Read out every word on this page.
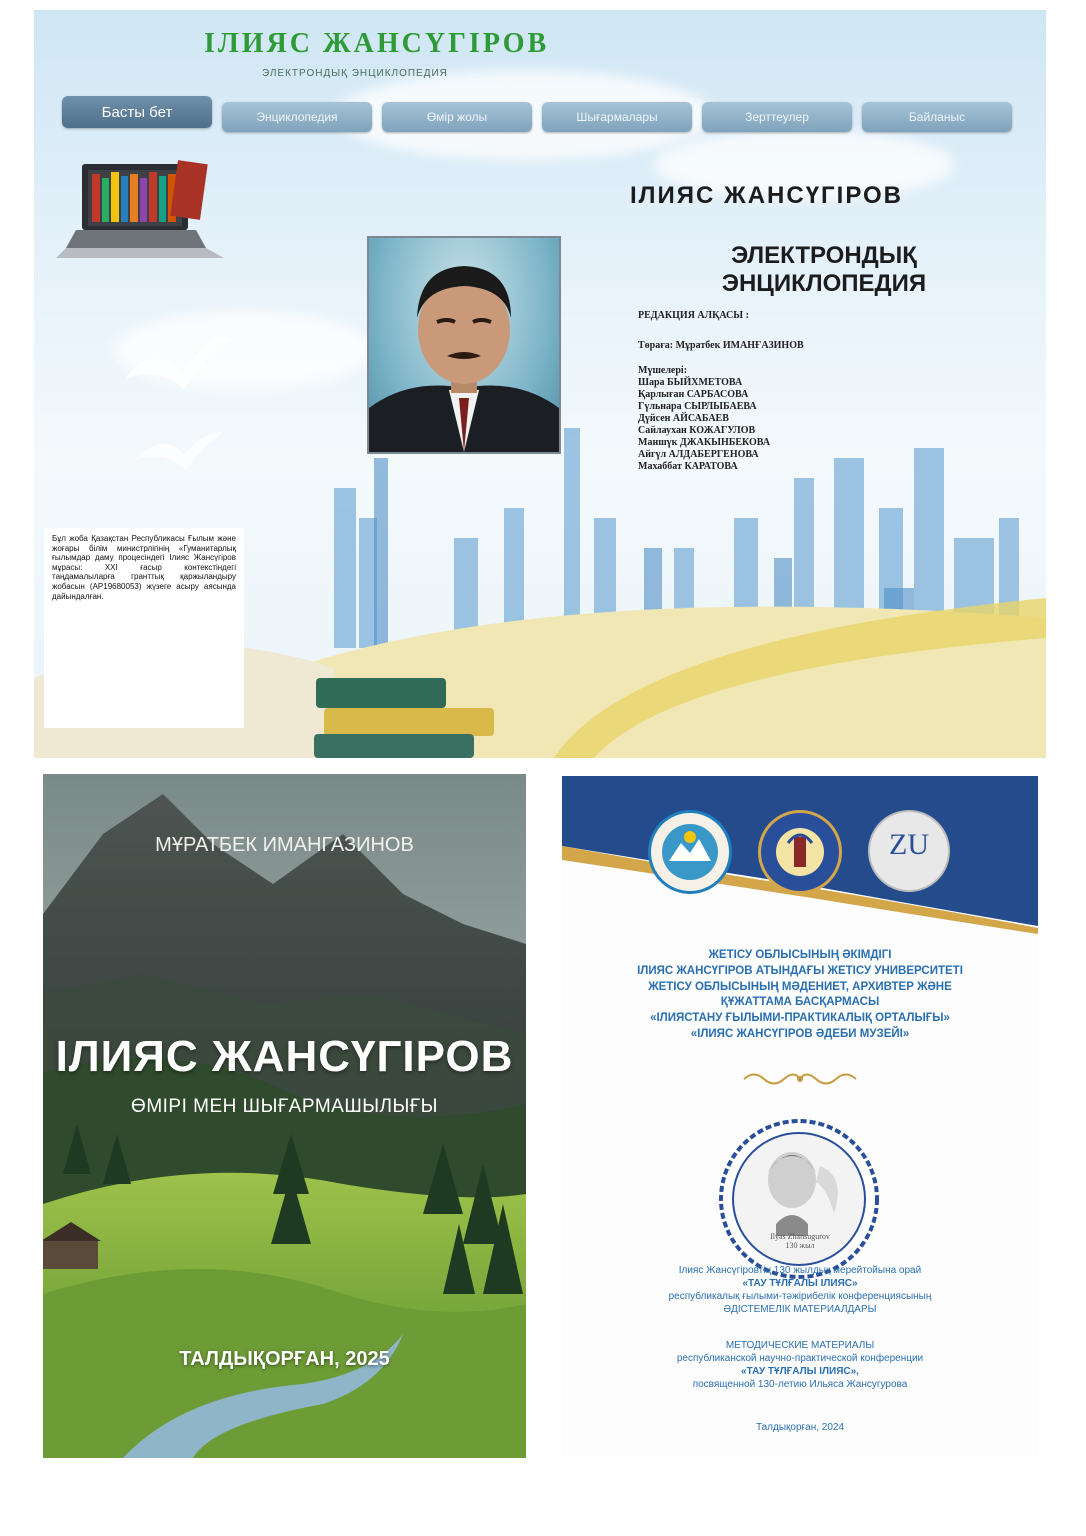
ІЛИЯС ЖАНСҮГІРОВ
ЭЛЕКТРОНДЫҚ ЭНЦИКЛОПЕДИЯ
Басты бет	Энциклопедия	Өмір жолы	Шығармалары	Зерттеулер	Байланыс
ІЛИЯС ЖАНСҮГІРОВ
ЭЛЕКТРОНДЫҚ
ЭНЦИКЛОПЕДИЯ
РЕДАКЦИЯ АЛҚАСЫ :
Төраға: Мұратбек ИМАНҒАЗИНОВ
Мүшелері:
Шара БЫЙХМЕТОВА
Қарлыған САРБАСОВА
Гүльнара СЫРЛЫБАЕВА
Дүйсен АЙСАБАЕВ
Сайлаухан КОЖАГУЛОВ
Маншүк ДЖАКЫНБЕКОВА
Айгүл АЛДАБЕРГЕНОВА
Махаббат КАРАТОВА
Бұл жоба Қазақстан Республикасы Ғылым және жоғары білім министрлігінің «Гуманитарлық ғылымдар даму процесіндегі Ілияс Жансүгіров мұрасы: ХХІ ғасыр контекстіндегі таңдамалыларға гранттық қаржыландыру жобасын (AP19680053) жүзеге асыру аясында дайындалған.
МҰРАТБЕК ИМАНГАЗИНОВ
ІЛИЯС ЖАНСҮГІРОВ
ӨМІРІ МЕН ШЫҒАРМАШЫЛЫҒЫ
ТАЛДЫҚОРҒАН, 2025
ZU
ЖЕТІСУ ОБЛЫСЫНЫҢ ӘКІМДІГІ
ІЛИЯС ЖАНСҮГІРОВ АТЫНДАҒЫ ЖЕТІСУ УНИВЕРСИТЕТІ
ЖЕТІСУ ОБЛЫСЫНЫҢ МӘДЕНИЕТ, АРХИВТЕР ЖӘНЕ
ҚҰЖАТТАМА БАСҚАРМАСЫ
«ІЛИЯСТАНУ ҒЫЛЫМИ-ПРАКТИКАЛЫҚ ОРТАЛЫҒЫ»
«ІЛИЯС ЖАНСҮГІРОВ ӘДЕБИ МУЗЕЙІ»
Ilyas Zhansugurov
130 жыл
Ілияс Жансүгіровтің 130 жылдық мерейтойына орай
«ТАУ ТҰЛҒАЛЫ ІЛИЯС»
республикалық ғылыми-тәжірибелік конференциясының
ӘДІСТЕМЕЛІК МАТЕРИАЛДАРЫ
МЕТОДИЧЕСКИЕ МАТЕРИАЛЫ
республиканской научно-практической конференции
«ТАУ ТҰЛҒАЛЫ ІЛИЯС»,
посвященной 130-летию Ильяса Жансугурова
Талдықорған, 2024
